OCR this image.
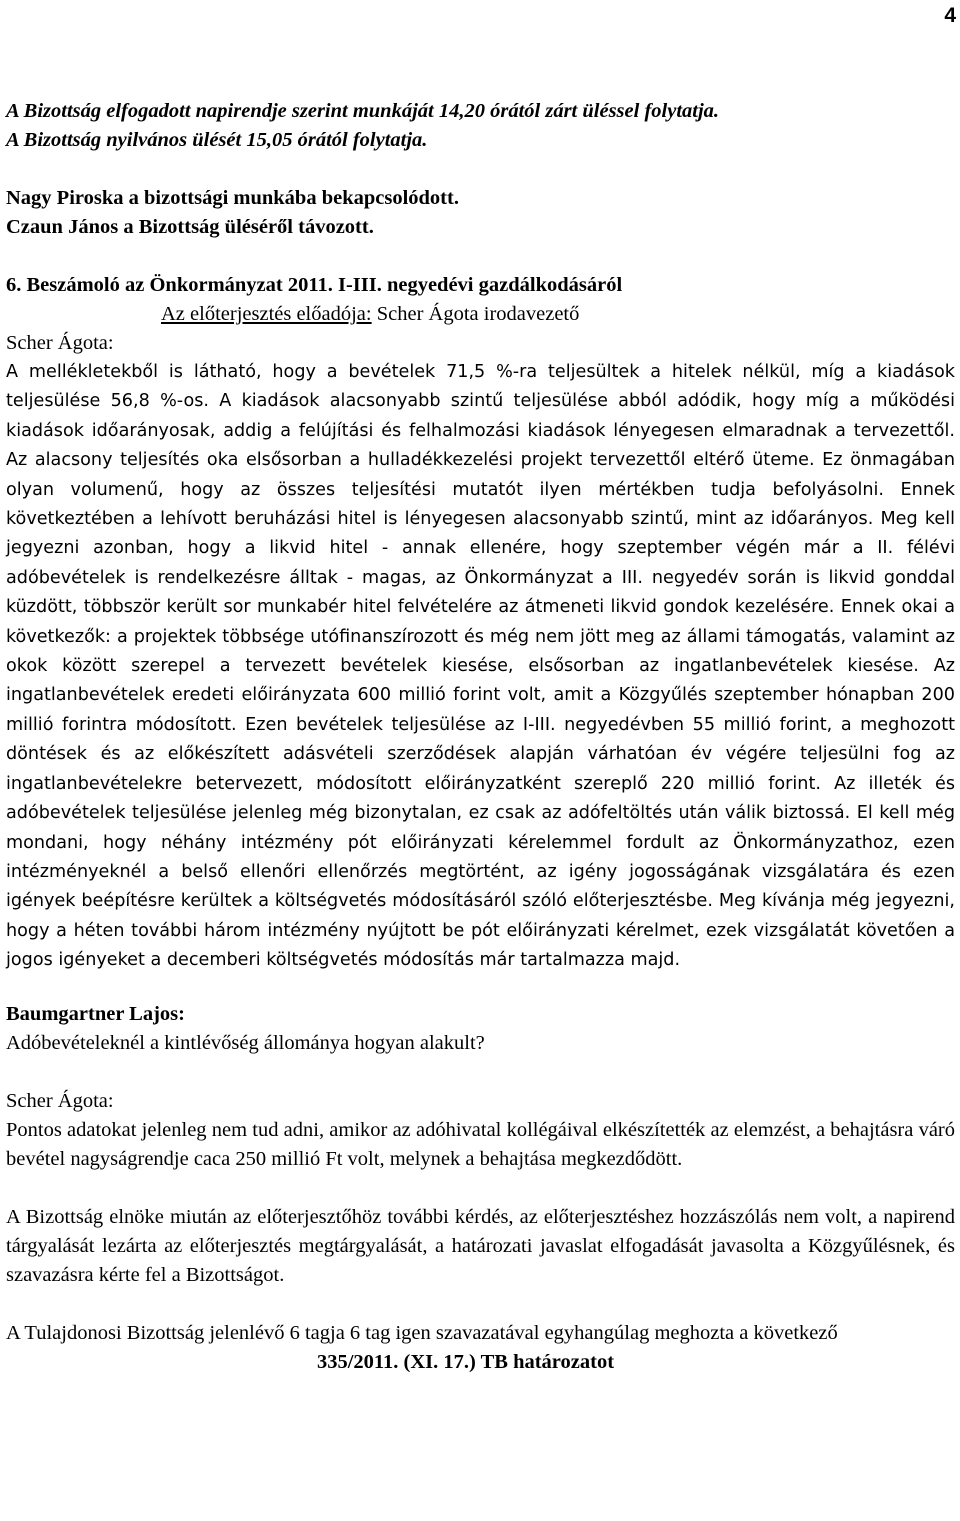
4

A Bizottság elfogadott napirendje szerint munkáját 14,20 órától zárt üléssel folytatja.

A Bizottság nyilvános ülését 15,05 órától folytatja.

Nagy Piroska a bizottsági munkába bekapcsolódott.

Czaun János a Bizottság üléséről távozott.

6. Beszámoló az Önkormányzat 2011. I-III. negyedévi gazdálkodásáról

Az előterjesztés előadója: Scher Ágota irodavezető

Scher Ágota:

A mellékletekből is látható, hogy a bevételek 71,5 %-ra teljesültek a hitelek nélkül, míg a kiadások teljesülése 56,8 %-os. A kiadások alacsonyabb szintű teljesülése abból adódik, hogy míg a működési kiadások időarányosak, addig a felújítási és felhalmozási kiadások lényegesen elmaradnak a tervezettől. Az alacsony teljesítés oka elsősorban a hulladékkezelési projekt tervezettől eltérő üteme. Ez önmagában olyan volumenű, hogy az összes teljesítési mutatót ilyen mértékben tudja befolyásolni. Ennek következtében a lehívott beruházási hitel is lényegesen alacsonyabb szintű, mint az időarányos. Meg kell jegyezni azonban, hogy a likvid hitel - annak ellenére, hogy szeptember végén már a II. félévi adóbevételek is rendelkezésre álltak - magas, az Önkormányzat a III. negyedév során is likvid gonddal küzdött, többször került sor munkabér hitel felvételére az átmeneti likvid gondok kezelésére. Ennek okai a következők: a projektek többsége utófinanszírozott és még nem jött meg az állami támogatás, valamint az okok között szerepel a tervezett bevételek kiesése, elsősorban az ingatlanbevételek kiesése. Az ingatlanbevételek eredeti előirányzata 600 millió forint volt, amit a Közgyűlés szeptember hónapban 200 millió forintra módosított. Ezen bevételek teljesülése az I-III. negyedévben 55 millió forint, a meghozott döntések és az előkészített adásvételi szerződések alapján várhatóan év végére teljesülni fog az ingatlanbevételekre betervezett, módosított előirányzatként szereplő 220 millió forint. Az illeték és adóbevételek teljesülése jelenleg még bizonytalan, ez csak az adófeltöltés után válik biztossá. El kell még mondani, hogy néhány intézmény pót előirányzati kérelemmel fordult az Önkormányzathoz, ezen intézményeknél a belső ellenőri ellenőrzés megtörtént, az igény jogosságának vizsgálatára és ezen igények beépítésre kerültek a költségvetés módosításáról szóló előterjesztésbe. Meg kívánja még jegyezni, hogy a héten további három intézmény nyújtott be pót előirányzati kérelmet, ezek vizsgálatát követően a jogos igényeket a decemberi költségvetés módosítás már tartalmazza majd.

Baumgartner Lajos:

Adóbevételeknél a kintlévőség állománya hogyan alakult?

Scher Ágota:

Pontos adatokat jelenleg nem tud adni, amikor az adóhivatal kollégáival elkészítették az elemzést, a behajtásra váró bevétel nagyságrendje caca 250 millió Ft volt, melynek a behajtása megkezdődött.

A Bizottság elnöke miután az előterjesztőhöz további kérdés, az előterjesztéshez hozzászólás nem volt, a napirend tárgyalását lezárta az előterjesztés megtárgyalását, a határozati javaslat elfogadását javasolta a Közgyűlésnek, és szavazásra kérte fel a Bizottságot.

A Tulajdonosi Bizottság jelenlévő 6 tagja 6 tag igen szavazatával egyhangúlag meghozta a következő

335/2011. (XI. 17.) TB határozatot
